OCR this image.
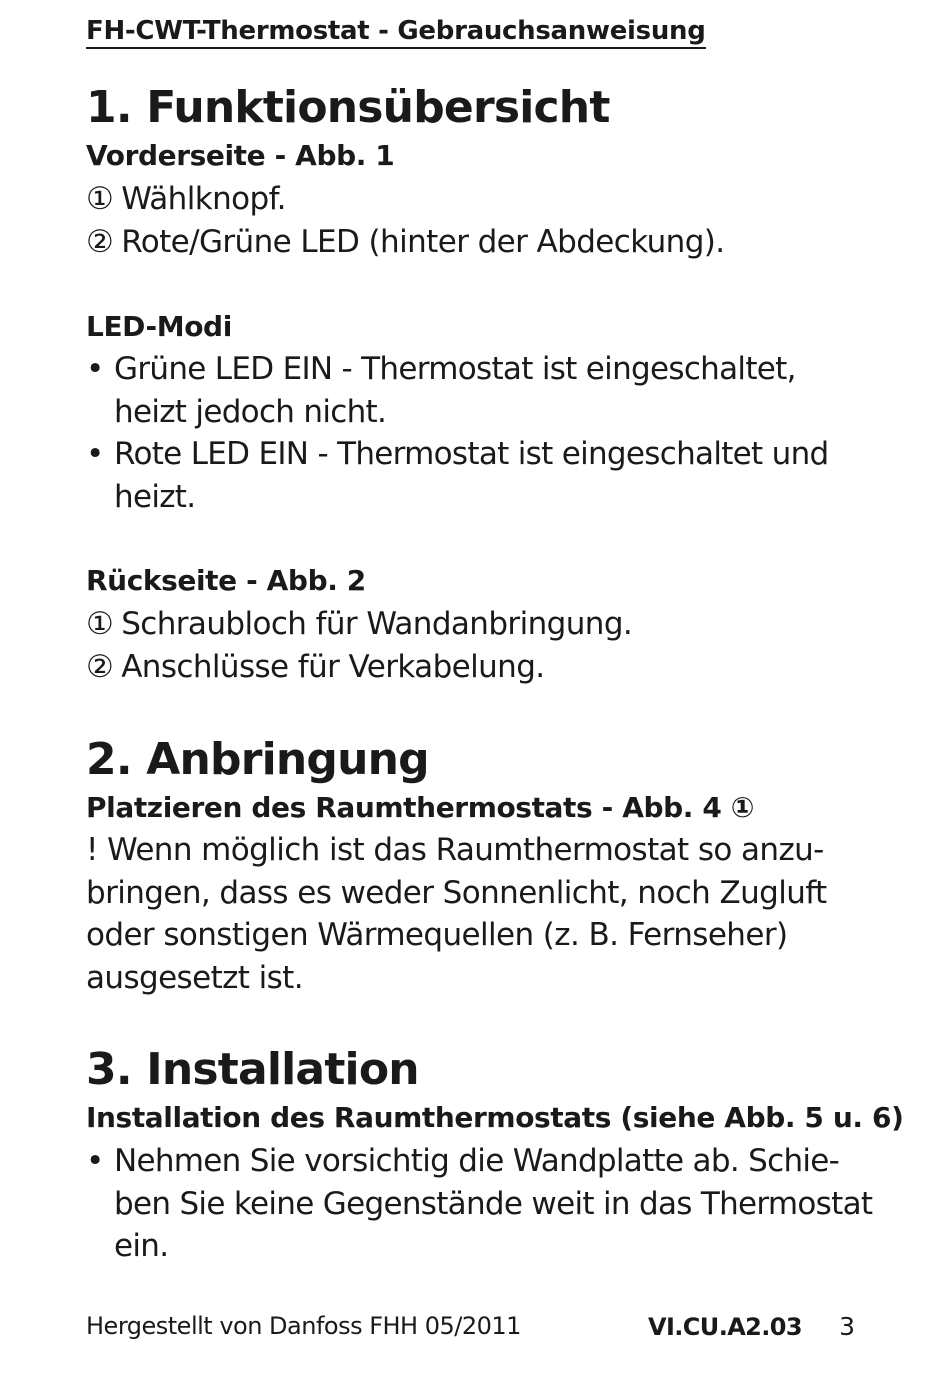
FH-CWT-Thermostat - Gebrauchsanweisung
1. Funktionsübersicht
Vorderseite - Abb. 1
① Wählknopf.
② Rote/Grüne LED (hinter der Abdeckung).
LED-Modi
• Grüne LED EIN - Thermostat ist eingeschaltet, heizt jedoch nicht.
• Rote LED EIN - Thermostat ist eingeschaltet und heizt.
Rückseite - Abb. 2
① Schraubloch für Wandanbringung.
② Anschlüsse für Verkabelung.
2. Anbringung
Platzieren des Raumthermostats - Abb. 4 ①

! Wenn möglich ist das Raumthermostat so anzu-bringen, dass es weder Sonnenlicht, noch Zugluft oder sonstigen Wärmequellen (z. B. Fernseher) ausgesetzt ist.

3. Installation
Installation des Raumthermostats (siehe Abb. 5 u. 6)
• Nehmen Sie vorsichtig die Wandplatte ab. Schie-ben Sie keine Gegenstände weit in das Thermostat ein.
Hergestellt von Danfoss FHH 05/2011	VI.CU.A2.03 3
